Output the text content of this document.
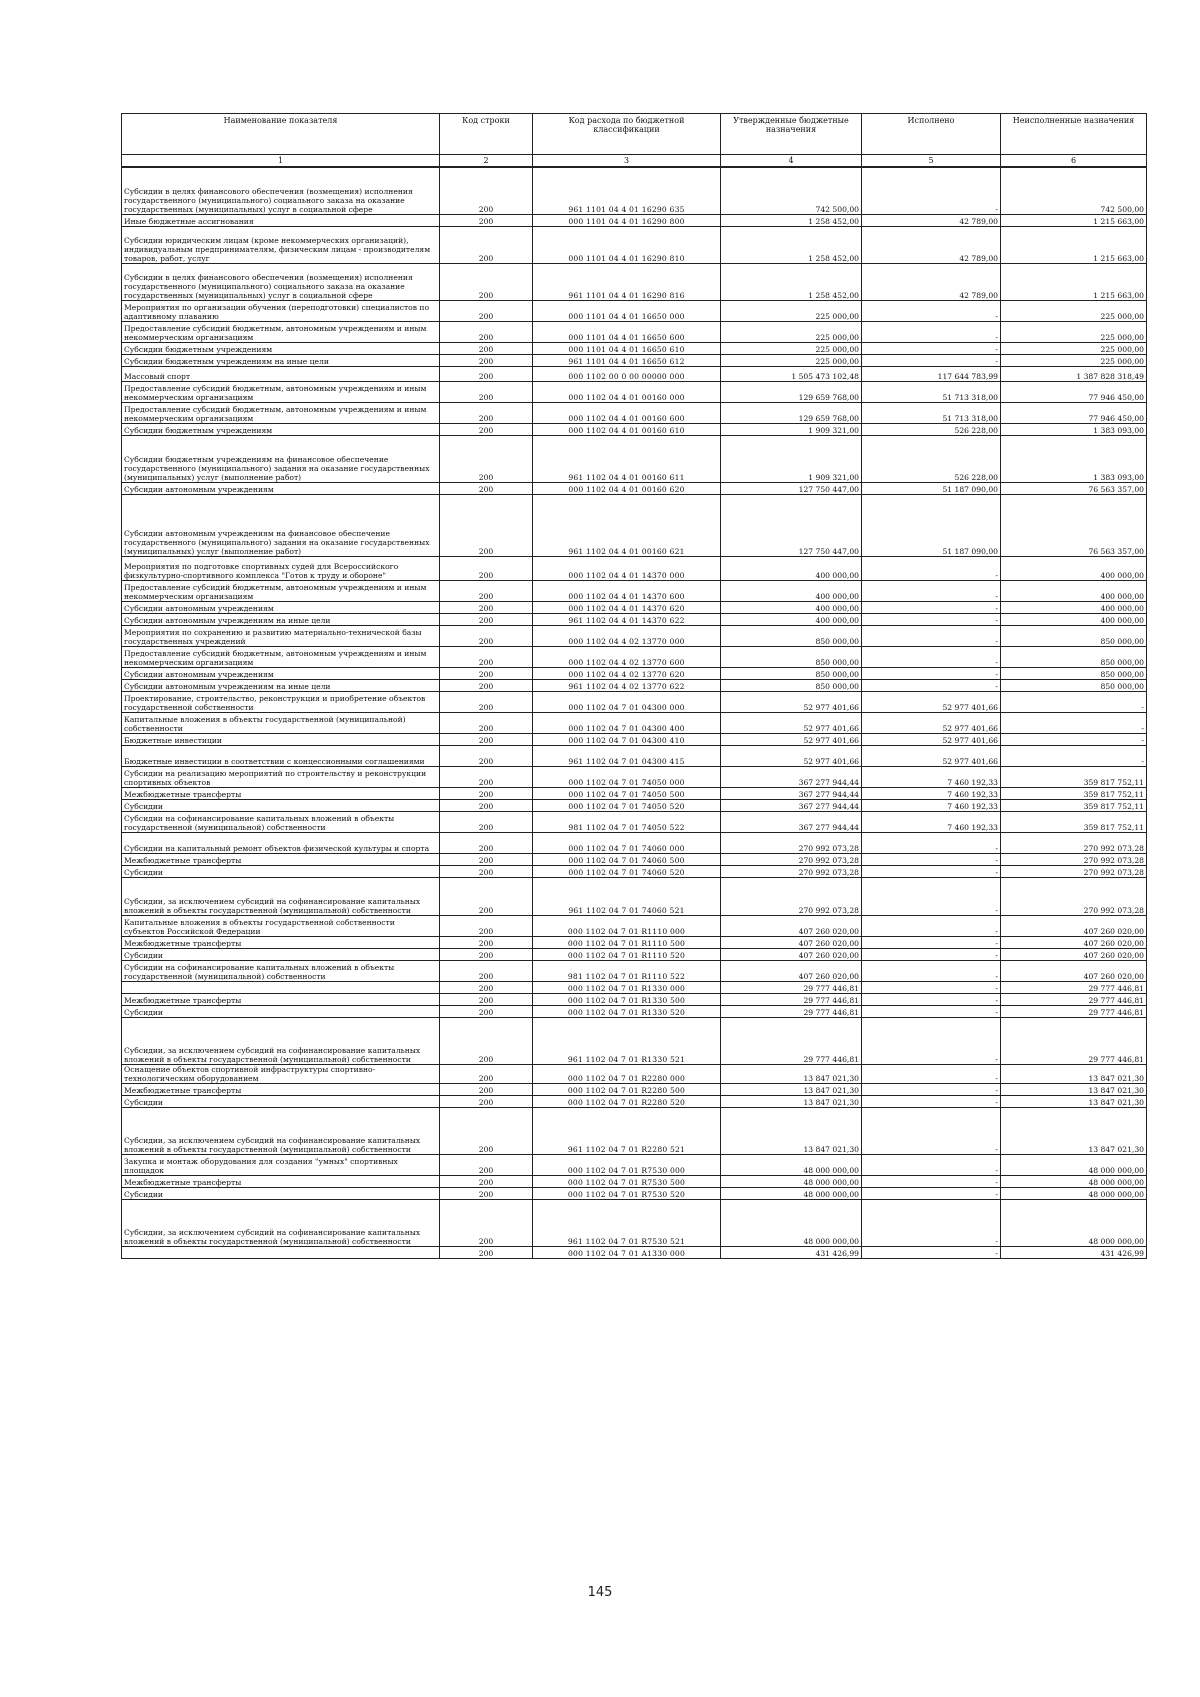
Наименование показателя	Код строки	Код расхода по бюджетной классификации	Утвержденные бюджетные назначения	Исполнено	Неисполненные назначения
1	2	3	4	5	6
Субсидии в целях финансового обеспечения (возмещения) исполнения государственного (муниципального) социального заказа на оказание государственных (муниципальных) услуг в социальной сфере	200	961 1101 04 4 01 16290 635	742 500,00	-	742 500,00
Иные бюджетные ассигнования	200	000 1101 04 4 01 16290 800	1 258 452,00	42 789,00	1 215 663,00
Субсидии юридическим лицам (кроме некоммерческих организаций), индивидуальным предпринимателям, физическим лицам - производителям товаров, работ, услуг	200	000 1101 04 4 01 16290 810	1 258 452,00	42 789,00	1 215 663,00
Субсидии в целях финансового обеспечения (возмещения) исполнения государственного (муниципального) социального заказа на оказание государственных (муниципальных) услуг в социальной сфере	200	961 1101 04 4 01 16290 816	1 258 452,00	42 789,00	1 215 663,00
Мероприятия по организации обучения (переподготовки) специалистов по адаптивному плаванию	200	000 1101 04 4 01 16650 000	225 000,00	-	225 000,00
Предоставление субсидий бюджетным, автономным учреждениям и иным некоммерческим организациям	200	000 1101 04 4 01 16650 600	225 000,00	-	225 000,00
Субсидии бюджетным учреждениям	200	000 1101 04 4 01 16650 610	225 000,00	-	225 000,00
Субсидии бюджетным учреждениям на иные цели	200	961 1101 04 4 01 16650 612	225 000,00	-	225 000,00
Массовый спорт	200	000 1102 00 0 00 00000 000	1 505 473 102,48	117 644 783,99	1 387 828 318,49
Предоставление субсидий бюджетным, автономным учреждениям и иным некоммерческим организациям	200	000 1102 04 4 01 00160 000	129 659 768,00	51 713 318,00	77 946 450,00
Предоставление субсидий бюджетным, автономным учреждениям и иным некоммерческим организациям	200	000 1102 04 4 01 00160 600	129 659 768,00	51 713 318,00	77 946 450,00
Субсидии бюджетным учреждениям	200	000 1102 04 4 01 00160 610	1 909 321,00	526 228,00	1 383 093,00
Субсидии бюджетным учреждениям на финансовое обеспечение государственного (муниципального) задания на оказание государственных (муниципальных) услуг (выполнение работ)	200	961 1102 04 4 01 00160 611	1 909 321,00	526 228,00	1 383 093,00
Субсидии автономным учреждениям	200	000 1102 04 4 01 00160 620	127 750 447,00	51 187 090,00	76 563 357,00
Субсидии автономным учреждениям на финансовое обеспечение государственного (муниципального) задания на оказание государственных (муниципальных) услуг (выполнение работ)	200	961 1102 04 4 01 00160 621	127 750 447,00	51 187 090,00	76 563 357,00
Мероприятия по подготовке спортивных судей для Всероссийского физкультурно-спортивного комплекса "Готов к труду и обороне"	200	000 1102 04 4 01 14370 000	400 000,00	-	400 000,00
Предоставление субсидий бюджетным, автономным учреждениям и иным некоммерческим организациям	200	000 1102 04 4 01 14370 600	400 000,00	-	400 000,00
Субсидии автономным учреждениям	200	000 1102 04 4 01 14370 620	400 000,00	-	400 000,00
Субсидии автономным учреждениям на иные цели	200	961 1102 04 4 01 14370 622	400 000,00	-	400 000,00
Мероприятия по сохранению и развитию материально-технической базы государственных учреждений	200	000 1102 04 4 02 13770 000	850 000,00	-	850 000,00
Предоставление субсидий бюджетным, автономным учреждениям и иным некоммерческим организациям	200	000 1102 04 4 02 13770 600	850 000,00	-	850 000,00
Субсидии автономным учреждениям	200	000 1102 04 4 02 13770 620	850 000,00	-	850 000,00
Субсидии автономным учреждениям на иные цели	200	961 1102 04 4 02 13770 622	850 000,00	-	850 000,00
Проектирование, строительство, реконструкция и приобретение объектов государственной собственности	200	000 1102 04 7 01 04300 000	52 977 401,66	52 977 401,66	-
Капитальные вложения в объекты государственной (муниципальной) собственности	200	000 1102 04 7 01 04300 400	52 977 401,66	52 977 401,66	-
Бюджетные инвестиции	200	000 1102 04 7 01 04300 410	52 977 401,66	52 977 401,66	-
Бюджетные инвестиции в соответствии с концессионными соглашениями	200	961 1102 04 7 01 04300 415	52 977 401,66	52 977 401,66	-
Субсидии на реализацию мероприятий по строительству и реконструкции спортивных объектов	200	000 1102 04 7 01 74050 000	367 277 944,44	7 460 192,33	359 817 752,11
Межбюджетные трансферты	200	000 1102 04 7 01 74050 500	367 277 944,44	7 460 192,33	359 817 752,11
Субсидии	200	000 1102 04 7 01 74050 520	367 277 944,44	7 460 192,33	359 817 752,11
Субсидии на софинансирование капитальных вложений в объекты государственной (муниципальной) собственности	200	981 1102 04 7 01 74050 522	367 277 944,44	7 460 192,33	359 817 752,11
Субсидии на капитальный ремонт объектов физической культуры и спорта	200	000 1102 04 7 01 74060 000	270 992 073,28	-	270 992 073,28
Межбюджетные трансферты	200	000 1102 04 7 01 74060 500	270 992 073,28	-	270 992 073,28
Субсидии	200	000 1102 04 7 01 74060 520	270 992 073,28	-	270 992 073,28
Субсидии, за исключением субсидий на софинансирование капитальных вложений в объекты государственной (муниципальной) собственности	200	961 1102 04 7 01 74060 521	270 992 073,28	-	270 992 073,28
Капитальные вложения в объекты государственной собственности субъектов Российской Федерации	200	000 1102 04 7 01 R1110 000	407 260 020,00	-	407 260 020,00
Межбюджетные трансферты	200	000 1102 04 7 01 R1110 500	407 260 020,00	-	407 260 020,00
Субсидии	200	000 1102 04 7 01 R1110 520	407 260 020,00	-	407 260 020,00
Субсидии на софинансирование капитальных вложений в объекты государственной (муниципальной) собственности	200	981 1102 04 7 01 R1110 522	407 260 020,00	-	407 260 020,00
	200	000 1102 04 7 01 R1330 000	29 777 446,81	-	29 777 446,81
Межбюджетные трансферты	200	000 1102 04 7 01 R1330 500	29 777 446,81	-	29 777 446,81
Субсидии	200	000 1102 04 7 01 R1330 520	29 777 446,81	-	29 777 446,81
Субсидии, за исключением субсидий на софинансирование капитальных вложений в объекты государственной (муниципальной) собственности	200	961 1102 04 7 01 R1330 521	29 777 446,81	-	29 777 446,81
Оснащение объектов спортивной инфраструктуры спортивно-технологическим оборудованием	200	000 1102 04 7 01 R2280 000	13 847 021,30	-	13 847 021,30
Межбюджетные трансферты	200	000 1102 04 7 01 R2280 500	13 847 021,30	-	13 847 021,30
Субсидии	200	000 1102 04 7 01 R2280 520	13 847 021,30	-	13 847 021,30
Субсидии, за исключением субсидий на софинансирование капитальных вложений в объекты государственной (муниципальной) собственности	200	961 1102 04 7 01 R2280 521	13 847 021,30	-	13 847 021,30
Закупка и монтаж оборудования для создания "умных" спортивных площадок	200	000 1102 04 7 01 R7530 000	48 000 000,00	-	48 000 000,00
Межбюджетные трансферты	200	000 1102 04 7 01 R7530 500	48 000 000,00	-	48 000 000,00
Субсидии	200	000 1102 04 7 01 R7530 520	48 000 000,00	-	48 000 000,00
Субсидии, за исключением субсидий на софинансирование капитальных вложений в объекты государственной (муниципальной) собственности	200	961 1102 04 7 01 R7530 521	48 000 000,00	-	48 000 000,00
	200	000 1102 04 7 01 A1330 000	431 426,99	-	431 426,99
145
